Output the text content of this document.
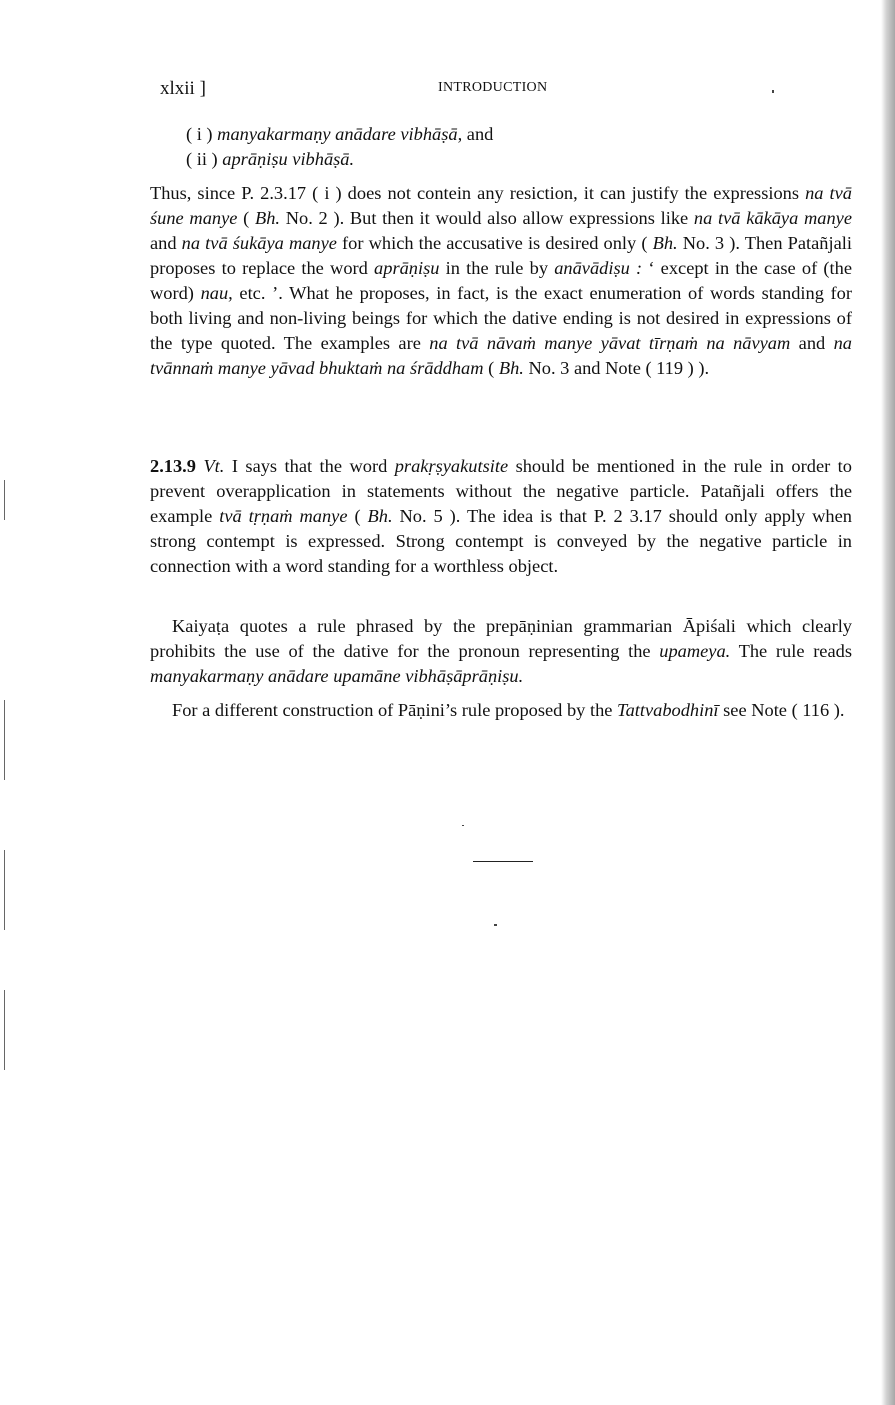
xlxii ]	INTRODUCTION

( i ) manyakarmaṇy anādare vibhāṣā, and

( ii ) aprāṇiṣu vibhāṣā.

Thus, since P. 2.3.17 ( i ) does not contein any resiction, it can justify the expressions na tvā śune manye ( Bh. No. 2 ). But then it would also allow expressions like na tvā kākāya manye and na tvā śukāya manye for which the accusative is desired only ( Bh. No. 3 ). Then Patañjali proposes to replace the word aprāṇiṣu in the rule by anāvādiṣu : ‘ except in the case of (the word) nau, etc. ’. What he proposes, in fact, is the exact enumeration of words standing for both living and non-living beings for which the dative ending is not desired in expressions of the type quoted. The examples are na tvā nāvaṁ manye yāvat tīrṇaṁ na nāvyam and na tvānnaṁ manye yāvad bhuktaṁ na śrāddham ( Bh. No. 3 and Note ( 119 ) ).

2.13.9 Vt. I says that the word prakṛṣyakutsite should be mentioned in the rule in order to prevent overapplication in statements without the negative particle. Patañjali offers the example tvā tṛṇaṁ manye ( Bh. No. 5 ). The idea is that P. 2 3.17 should only apply when strong contempt is expressed. Strong contempt is conveyed by the negative particle in connection with a word standing for a worthless object.

Kaiyaṭa quotes a rule phrased by the prepāṇinian grammarian Āpiśali which clearly prohibits the use of the dative for the pronoun representing the upameya. The rule reads manyakarmaṇy anādare upamāne vibhāṣāprāṇiṣu.

For a different construction of Pāṇini’s rule proposed by the Tattvabodhinī see Note ( 116 ).
